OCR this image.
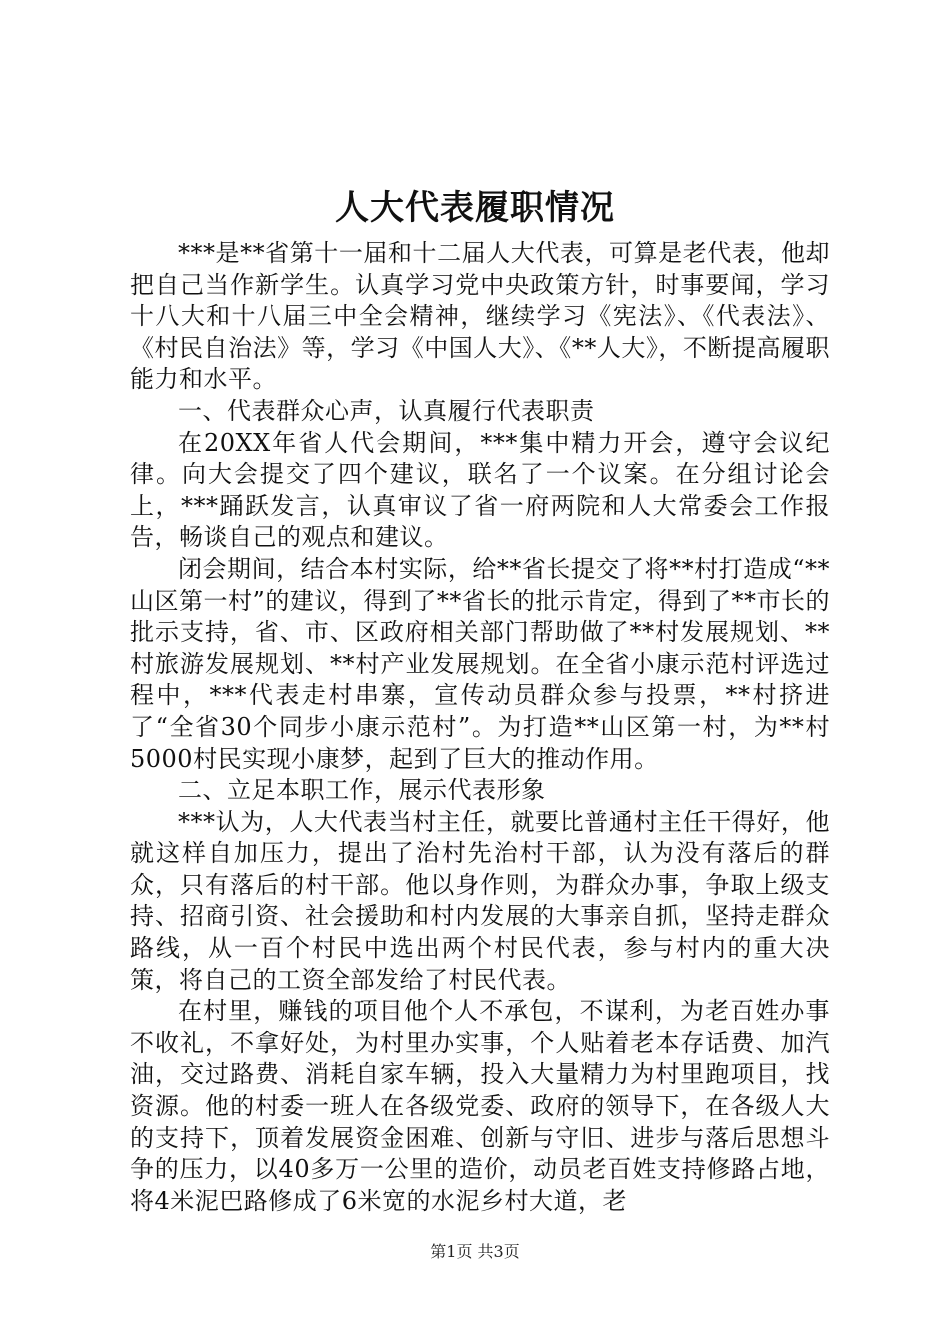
人大代表履职情况

***是**省第十一届和十二届人大代表，可算是老代表，他却把自己当作新学生。认真学习党中央政策方针，时事要闻，学习十八大和十八届三中全会精神，继续学习《宪法》、《代表法》、《村民自治法》等，学习《中国人大》、《**人大》，不断提高履职能力和水平。

一、代表群众心声，认真履行代表职责

在20XX年省人代会期间，***集中精力开会，遵守会议纪律。向大会提交了四个建议，联名了一个议案。在分组讨论会上，***踊跃发言，认真审议了省一府两院和人大常委会工作报告，畅谈自己的观点和建议。

闭会期间，结合本村实际，给**省长提交了将**村打造成“**山区第一村”的建议，得到了**省长的批示肯定，得到了**市长的批示支持，省、市、区政府相关部门帮助做了**村发展规划、**村旅游发展规划、**村产业发展规划。在全省小康示范村评选过程中，***代表走村串寨，宣传动员群众参与投票，**村挤进了“全省30个同步小康示范村”。为打造**山区第一村，为**村5000村民实现小康梦，起到了巨大的推动作用。

二、立足本职工作，展示代表形象

***认为，人大代表当村主任，就要比普通村主任干得好，他就这样自加压力，提出了治村先治村干部，认为没有落后的群众，只有落后的村干部。他以身作则，为群众办事，争取上级支持、招商引资、社会援助和村内发展的大事亲自抓，坚持走群众路线，从一百个村民中选出两个村民代表，参与村内的重大决策，将自己的工资全部发给了村民代表。

在村里，赚钱的项目他个人不承包，不谋利，为老百姓办事不收礼，不拿好处，为村里办实事，个人贴着老本存话费、加汽油，交过路费、消耗自家车辆，投入大量精力为村里跑项目，找资源。他的村委一班人在各级党委、政府的领导下，在各级人大的支持下，顶着发展资金困难、创新与守旧、进步与落后思想斗争的压力，以40多万一公里的造价，动员老百姓支持修路占地，将4米泥巴路修成了6米宽的水泥乡村大道，老

第1页 共3页
